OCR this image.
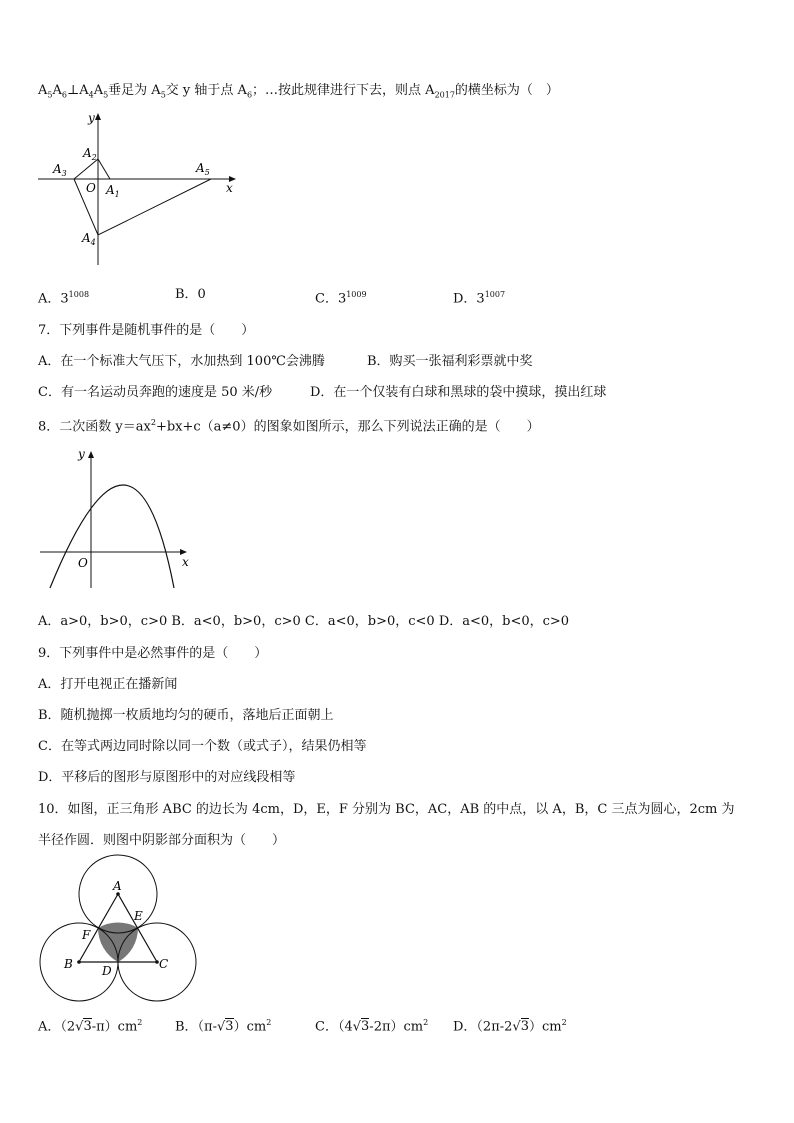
$A_5A_6\perp A_4A_5$垂足为 $A_5$交 y 轴于点 $A_6$；…按此规律进行下去，则点 $A_{2017}$的横坐标为（　）
y
x
O
$A_2$
$A_3$
$A_1$
$A_5$
$A_4$
A．$3^{1008}$	B．0	C．$3^{1009}$	D．$3^{1007}$
7．下列事件是随机事件的是（　　）
A．在一个标准大气压下，水加热到 100℃会沸腾	B．购买一张福利彩票就中奖
C．有一名运动员奔跑的速度是 50 米/秒	D．在一个仅装有白球和黑球的袋中摸球，摸出红球
8．二次函数 $y=ax^2+bx+c(a\ne 0)$的图象如图所示，那么下列说法正确的是（　　）
y
x
O
A．a>0，b>0，c>0 B．a<0，b>0，c>0 C．a<0，b>0，c<0 D．a<0，b<0，c>0
9．下列事件中是必然事件的是（　　）
A．打开电视正在播新闻
B．随机抛掷一枚质地均匀的硬币，落地后正面朝上
C．在等式两边同时除以同一个数（或式子），结果仍相等
D．平移后的图形与原图形中的对应线段相等
10．如图，正三角形 ABC 的边长为 4cm，D，E，F 分别为 BC，AC，AB 的中点，以 A，B，C 三点为圆心，2cm 为
半径作圆．则图中阴影部分面积为（　　）
A
B	C
D
E
F
A．$(2√3-\pi)cm^2$	B．$(\pi-√3)cm^2$	C．$(4√3-2\pi)cm^2$ D．$(2\pi-2√3)cm^2$
